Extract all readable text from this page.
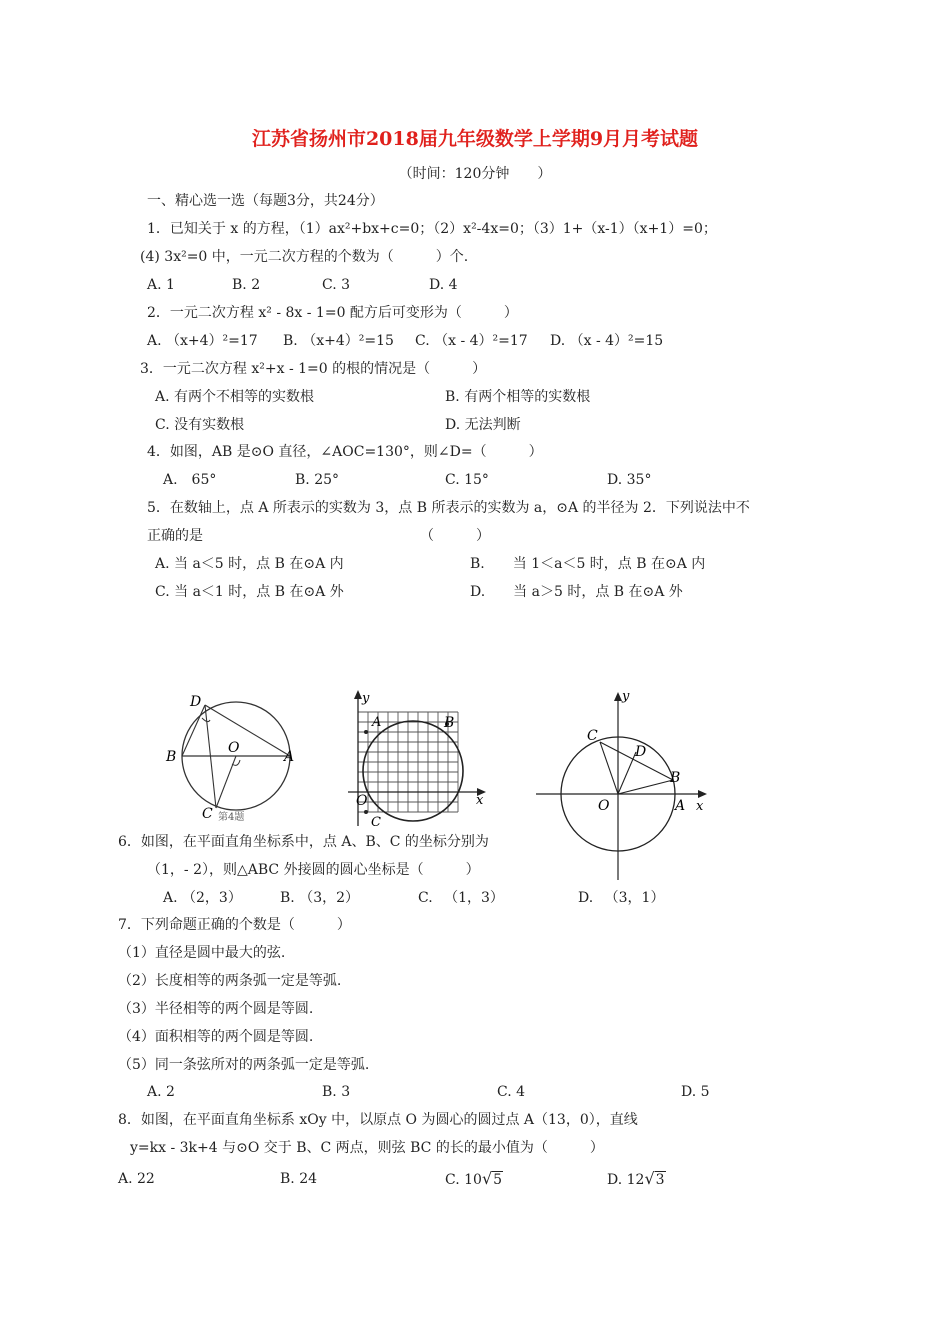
江苏省扬州市2018届九年级数学上学期9月月考试题
（时间：120分钟　　）
一、精心选一选（每题3分，共24分）
1．已知关于 x 的方程，（1）ax²+bx+c=0；（2）x²-4x=0；（3）1+（x-1）（x+1）=0；
(4) 3x²=0 中，一元二次方程的个数为（　　　）个.
A. 1	B. 2	C. 3	D. 4
2．一元二次方程 x² - 8x - 1=0 配方后可变形为（　　　）
A. （x+4）²=17 B. （x+4）²=15 C. （x - 4）²=17 D. （x - 4）²=15
3．一元二次方程 x²+x - 1=0 的根的情况是（　　　）
A. 有两个不相等的实数根	B. 有两个相等的实数根
C. 没有实数根	D. 无法判断
4．如图，AB 是⊙O 直径，∠AOC=130°，则∠D=（　　　）
A.　65°	B. 25°	C. 15°	D. 35°
5．在数轴上，点 A 所表示的实数为 3，点 B 所表示的实数为 a，⊙A 的半径为 2．下列说法中不
正确的是　　　　　　　　　　　　　　　　（　　　）
A. 当 a＜5 时，点 B 在⊙A 内	B.　　当 1＜a＜5 时，点 B 在⊙A 内
C. 当 a＜1 时，点 B 在⊙A 外	D.　　当 a＞5 时，点 B 在⊙A 外
D
B
O
A
C 第4题
y
A	B
O	x
C
y
C
D
B
O	A x
6．如图，在平面直角坐标系中，点 A、B、C 的坐标分别为
（1，- 2），则△ABC 外接圆的圆心坐标是（　　　）
A. （2，3）	B. （3，2）	C. 　（1，3）	D. 　（3，1）
7．下列命题正确的个数是（　　　）
（1）直径是圆中最大的弦.
（2）长度相等的两条弧一定是等弧.
（3）半径相等的两个圆是等圆.
（4）面积相等的两个圆是等圆.
（5）同一条弦所对的两条弧一定是等弧.
A. 2	B. 3	C. 4	D. 5
8．如图，在平面直角坐标系 xOy 中，以原点 O 为圆心的圆过点 A（13，0），直线
y=kx - 3k+4 与⊙O 交于 B、C 两点，则弦 BC 的长的最小值为（　　　）
A. 22	B. 24	C. 10√5	D. 12√3
